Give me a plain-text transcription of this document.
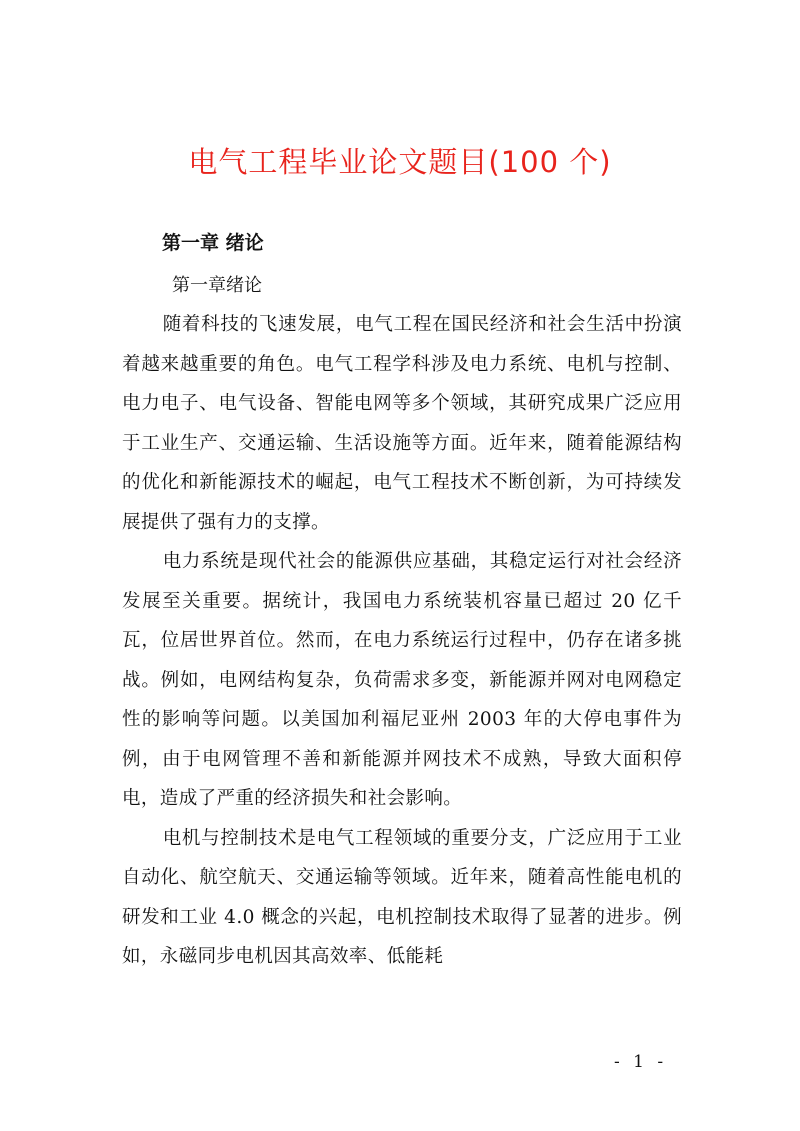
电气工程毕业论文题目(100 个)
第一章 绪论

第一章绪论

随着科技的飞速发展，电气工程在国民经济和社会生活中扮演着越来越重要的角色。电气工程学科涉及电力系统、电机与控制、电力电子、电气设备、智能电网等多个领域，其研究成果广泛应用于工业生产、交通运输、生活设施等方面。近年来，随着能源结构的优化和新能源技术的崛起，电气工程技术不断创新，为可持续发展提供了强有力的支撑。

电力系统是现代社会的能源供应基础，其稳定运行对社会经济发展至关重要。据统计，我国电力系统装机容量已超过 20 亿千瓦，位居世界首位。然而，在电力系统运行过程中，仍存在诸多挑战。例如，电网结构复杂，负荷需求多变，新能源并网对电网稳定性的影响等问题。以美国加利福尼亚州 2003 年的大停电事件为例，由于电网管理不善和新能源并网技术不成熟，导致大面积停电，造成了严重的经济损失和社会影响。

电机与控制技术是电气工程领域的重要分支，广泛应用于工业自动化、航空航天、交通运输等领域。近年来，随着高性能电机的研发和工业 4.0 概念的兴起，电机控制技术取得了显著的进步。例如，永磁同步电机因其高效率、低能耗

- 1 -
